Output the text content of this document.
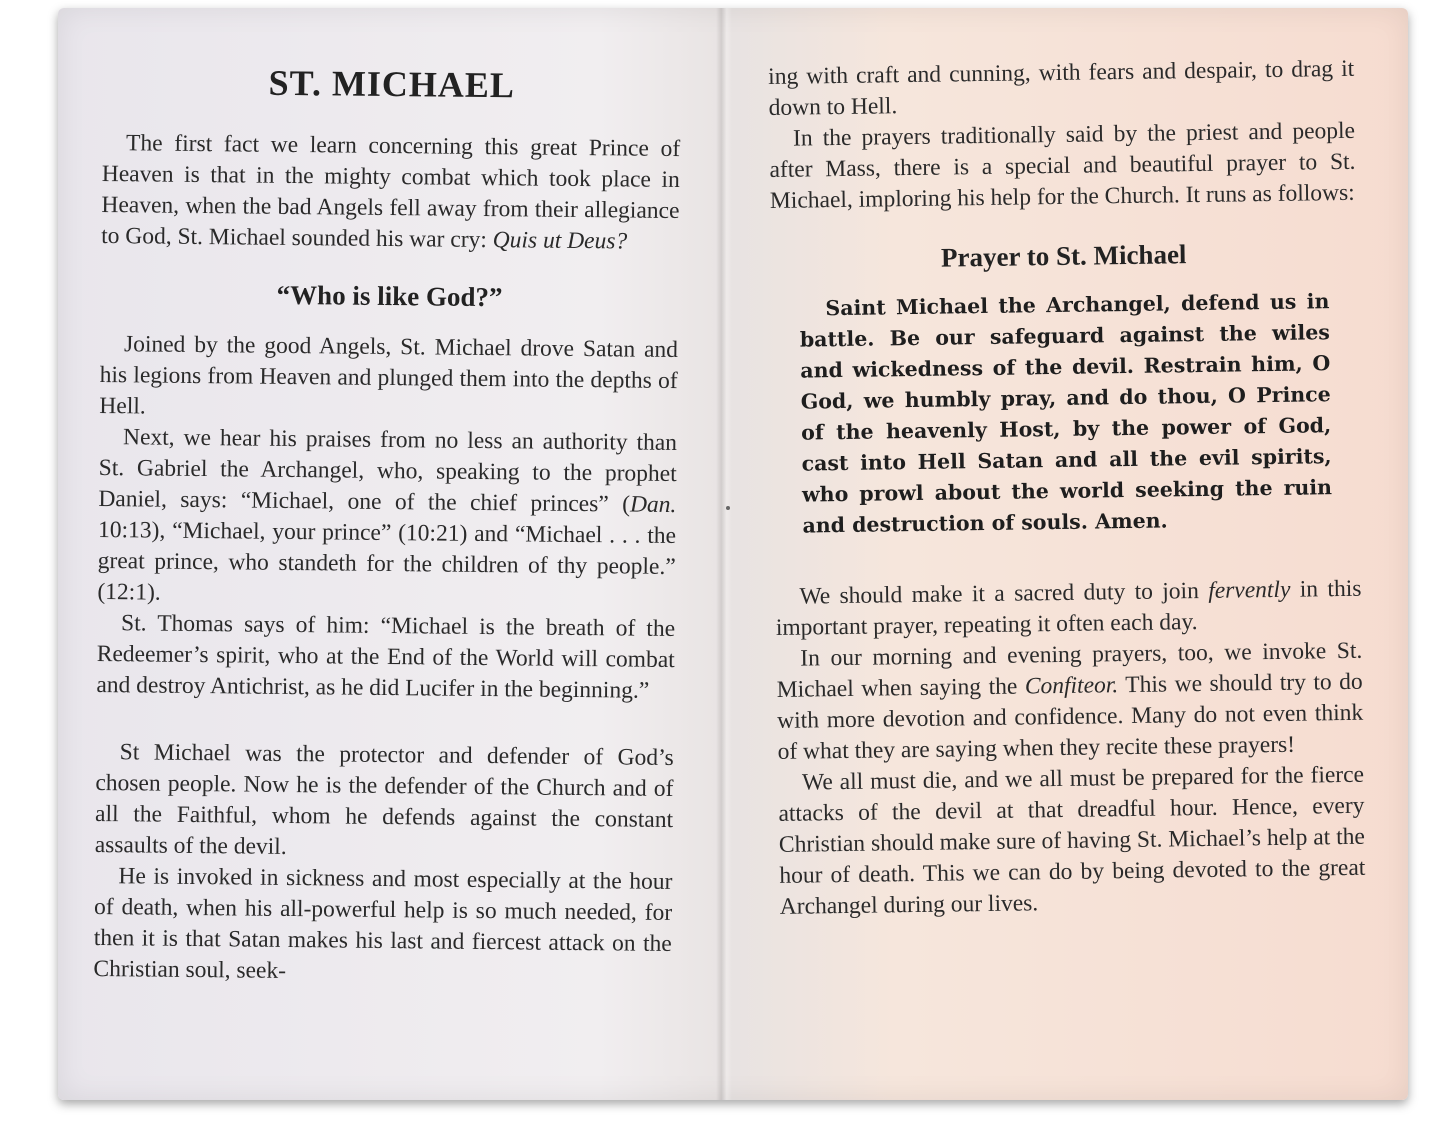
ST. MICHAEL

The first fact we learn concerning this great Prince of Heaven is that in the mighty combat which took place in Heaven, when the bad Angels fell away from their allegiance to God, St. Michael sounded his war cry: Quis ut Deus?

“Who is like God?”

Joined by the good Angels, St. Michael drove Satan and his legions from Heaven and plunged them into the depths of Hell.

Next, we hear his praises from no less an authority than St. Gabriel the Archangel, who, speaking to the prophet Daniel, says: “Michael, one of the chief princes” (Dan. 10:13), “Michael, your prince” (10:21) and “Michael . . . the great prince, who standeth for the children of thy people.” (12:1).

St. Thomas says of him: “Michael is the breath of the Redeemer’s spirit, who at the End of the World will combat and destroy Antichrist, as he did Lucifer in the beginning.”

St Michael was the protector and defender of God’s chosen people. Now he is the defender of the Church and of all the Faithful, whom he defends against the constant assaults of the devil.

He is invoked in sickness and most especially at the hour of death, when his all-powerful help is so much needed, for then it is that Satan makes his last and fiercest attack on the Christian soul, seek-

ing with craft and cunning, with fears and despair, to drag it down to Hell.

In the prayers traditionally said by the priest and people after Mass, there is a special and beautiful prayer to St. Michael, imploring his help for the Church. It runs as follows:

Prayer to St. Michael
Saint Michael the Archangel, defend us in battle. Be our safeguard against the wiles and wickedness of the devil. Restrain him, O God, we humbly pray, and do thou, O Prince of the heavenly Host, by the power of God, cast into Hell Satan and all the evil spirits, who prowl about the world seeking the ruin and destruction of souls. Amen.

We should make it a sacred duty to join fervently in this important prayer, repeating it often each day.

In our morning and evening prayers, too, we invoke St. Michael when saying the Confiteor. This we should try to do with more devotion and confidence. Many do not even think of what they are saying when they recite these prayers!

We all must die, and we all must be prepared for the fierce attacks of the devil at that dreadful hour. Hence, every Christian should make sure of having St. Michael’s help at the hour of death. This we can do by being devoted to the great Archangel during our lives.
